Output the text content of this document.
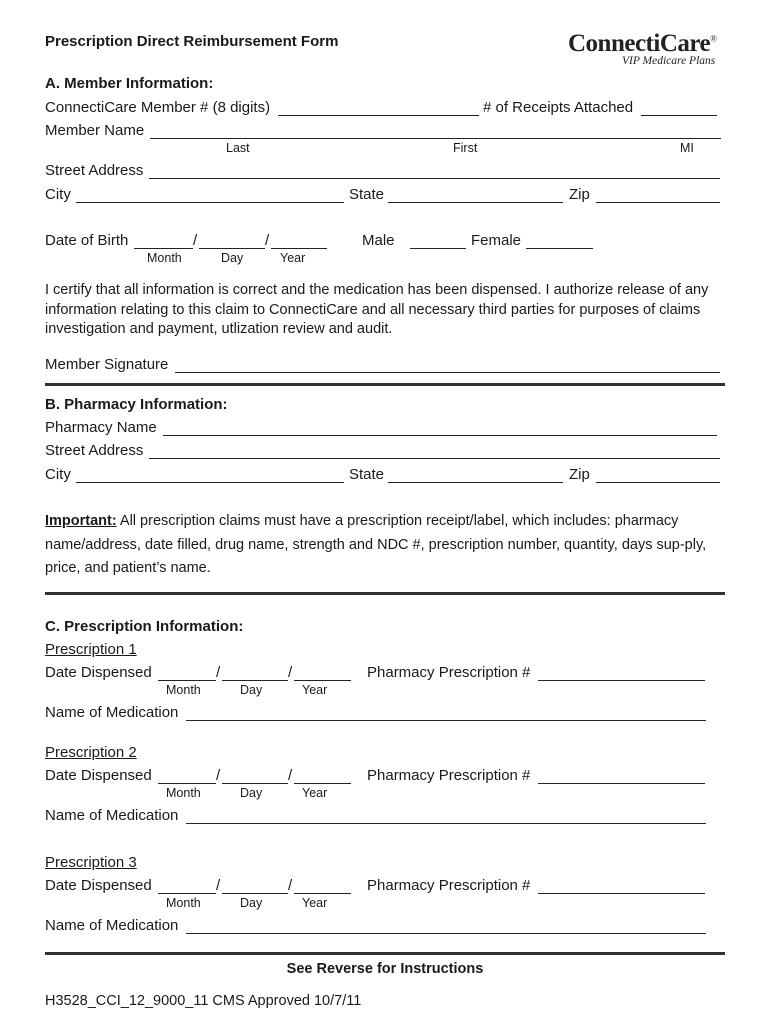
Prescription Direct Reimbursement Form	ConnectiCare®
VIP Medicare Plans
A. Member Information:
ConnectiCare Member # (8 digits)	# of Receipts Attached
Member Name
Last	First	MI
Street Address
City	State	Zip
Date of Birth	/	/
Month	Day	Year
Male	Female
I certify that all information is correct and the medication has been dispensed. I authorize release of any information relating to this claim to ConnectiCare and all necessary third parties for purposes of claims investigation and payment, utlization review and audit.
Member Signature
B. Pharmacy Information:
Pharmacy Name
Street Address
City	State	Zip
Important: All prescription claims must have a prescription receipt/label, which includes: pharmacy name/address, date filled, drug name, strength and NDC #, prescription number, quantity, days sup-ply, price, and patient’s name.
C. Prescription Information:
Prescription 1
Date Dispensed	/	/
Month	Day	Year
Pharmacy Prescription #
Name of Medication
Prescription 2
Date Dispensed	/	/
Month	Day	Year
Pharmacy Prescription #
Name of Medication
Prescription 3
Date Dispensed	/	/
Month	Day	Year
Pharmacy Prescription #
Name of Medication
See Reverse for Instructions
H3528_CCI_12_9000_11 CMS Approved 10/7/11
